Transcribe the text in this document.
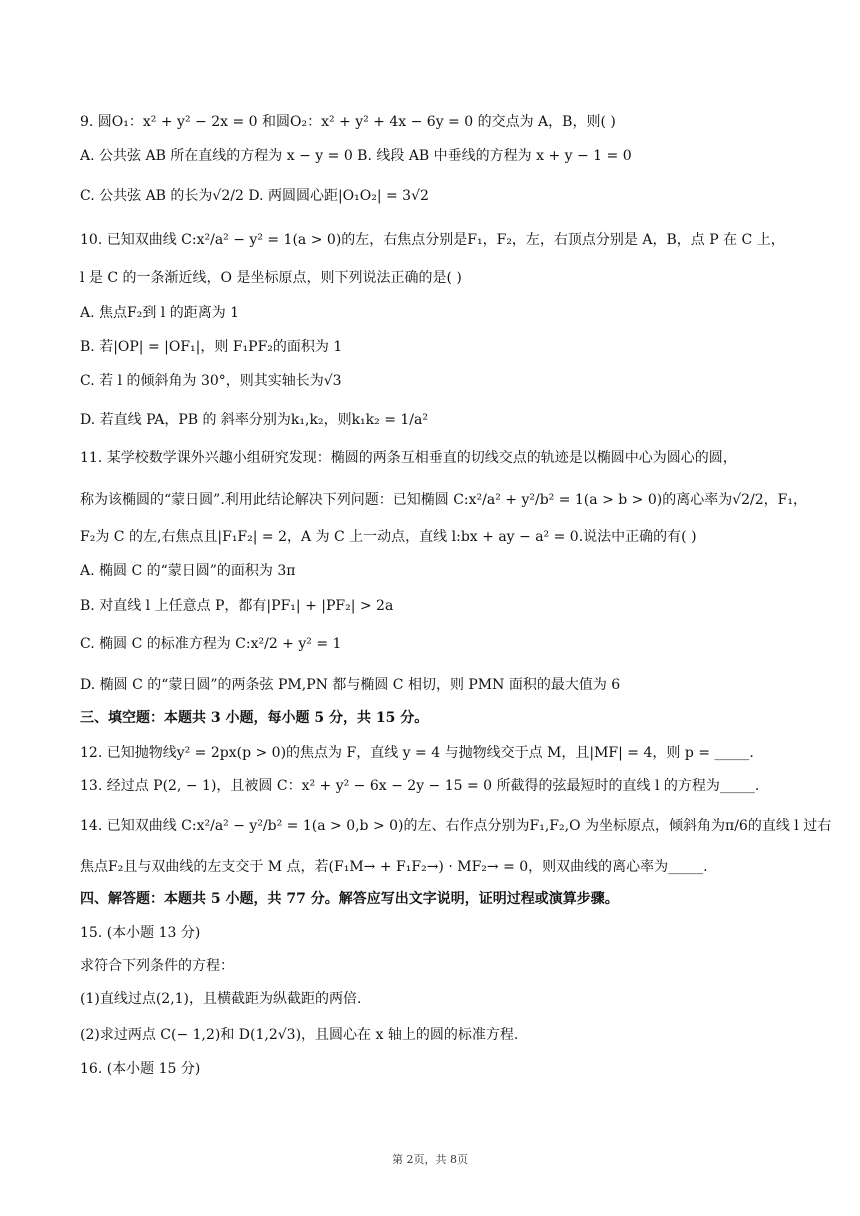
9. 圆O₁：x² + y² − 2x = 0 和圆O₂：x² + y² + 4x − 6y = 0 的交点为 A，B，则( )
A. 公共弦 AB 所在直线的方程为 x − y = 0 B. 线段 AB 中垂线的方程为 x + y − 1 = 0
C. 公共弦 AB 的长为√2/2 D. 两圆圆心距|O₁O₂| = 3√2
10. 已知双曲线 C:x²/a² − y² = 1(a > 0)的左，右焦点分别是F₁，F₂，左，右顶点分别是 A，B，点 P 在 C 上，
l 是 C 的一条渐近线，O 是坐标原点，则下列说法正确的是( )
A. 焦点F₂到 l 的距离为 1
B. 若|OP| = |OF₁|，则 F₁PF₂的面积为 1
C. 若 l 的倾斜角为 30°，则其实轴长为√3
D. 若直线 PA，PB 的 斜率分别为k₁,k₂，则k₁k₂ = 1/a²
11. 某学校数学课外兴趣小组研究发现：椭圆的两条互相垂直的切线交点的轨迹是以椭圆中心为圆心的圆，
称为该椭圆的“蒙日圆”.利用此结论解决下列问题：已知椭圆 C:x²/a² + y²/b² = 1(a > b > 0)的离心率为√2/2，F₁，
F₂为 C 的左,右焦点且|F₁F₂| = 2，A 为 C 上一动点，直线 l:bx + ay − a² = 0.说法中正确的有( )
A. 椭圆 C 的“蒙日圆”的面积为 3π
B. 对直线 l 上任意点 P，都有|PF₁| + |PF₂| > 2a
C. 椭圆 C 的标准方程为 C:x²/2 + y² = 1
D. 椭圆 C 的“蒙日圆”的两条弦 PM,PN 都与椭圆 C 相切，则 PMN 面积的最大值为 6
三、填空题：本题共 3 小题，每小题 5 分，共 15 分。
12. 已知抛物线y² = 2px(p > 0)的焦点为 F，直线 y = 4 与抛物线交于点 M，且|MF| = 4，则 p = _____.
13. 经过点 P(2, − 1)，且被圆 C：x² + y² − 6x − 2y − 15 = 0 所截得的弦最短时的直线 l 的方程为_____.
14. 已知双曲线 C:x²/a² − y²/b² = 1(a > 0,b > 0)的左、右作点分别为F₁,F₂,O 为坐标原点，倾斜角为π/6的直线 l 过右
焦点F₂且与双曲线的左支交于 M 点，若(F₁M→ + F₁F₂→) · MF₂→ = 0，则双曲线的离心率为_____.
四、解答题：本题共 5 小题，共 77 分。解答应写出文字说明，证明过程或演算步骤。
15. (本小题 13 分)
求符合下列条件的方程：
(1)直线过点(2,1)，且横截距为纵截距的两倍.
(2)求过两点 C(− 1,2)和 D(1,2√3)，且圆心在 x 轴上的圆的标准方程.
16. (本小题 15 分)
第 2页，共 8页
